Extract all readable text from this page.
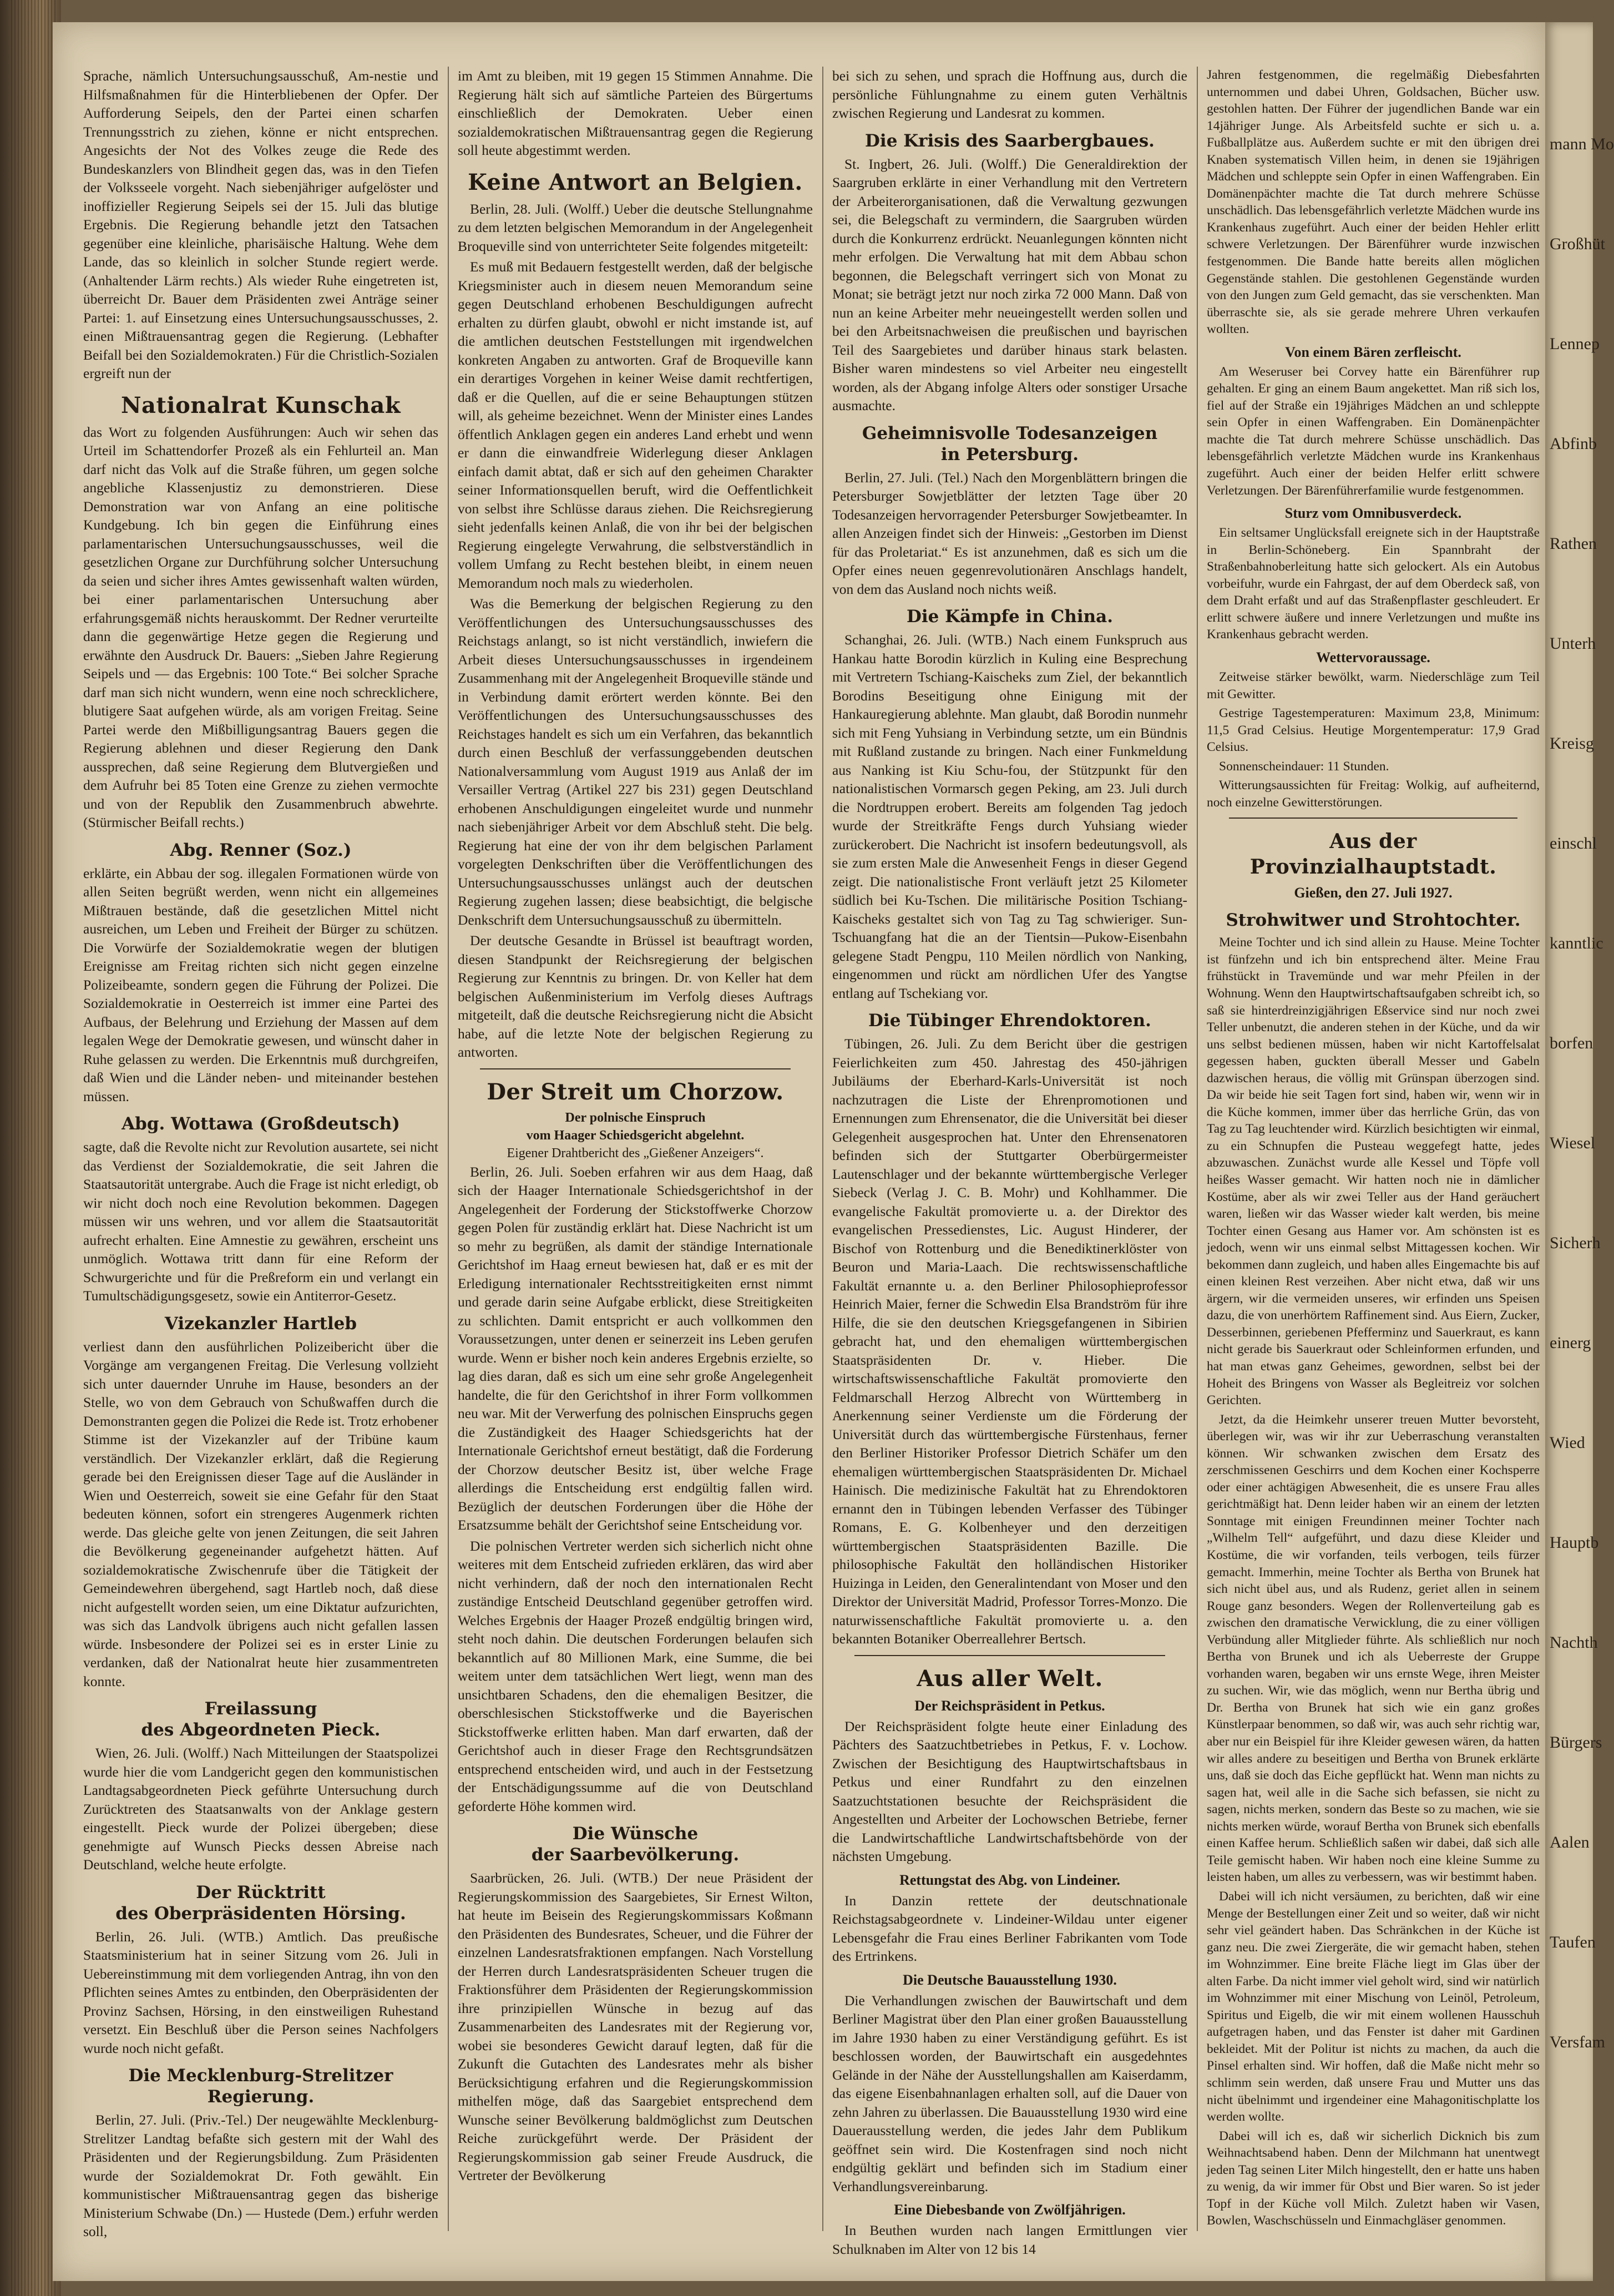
Sprache, nämlich Untersuchungsausschuß, Am-nestie und Hilfsmaßnahmen für die Hinterbliebenen der Opfer. Der Aufforderung Seipels, den der Partei einen scharfen Trennungsstrich zu ziehen, könne er nicht entsprechen. Angesichts der Not des Volkes zeuge die Rede des Bundeskanzlers von Blindheit gegen das, was in den Tiefen der Volksseele vorgeht. Nach siebenjähriger aufgelöster und inoffizieller Regierung Seipels sei der 15. Juli das blutige Ergebnis. Die Regierung behandle jetzt den Tatsachen gegenüber eine kleinliche, pharisäische Haltung. Wehe dem Lande, das so kleinlich in solcher Stunde regiert werde. (Anhaltender Lärm rechts.) Als wieder Ruhe eingetreten ist, überreicht Dr. Bauer dem Präsidenten zwei Anträge seiner Partei: 1. auf Einsetzung eines Untersuchungsausschusses, 2. einen Mißtrauensantrag gegen die Regierung. (Lebhafter Beifall bei den Sozialdemokraten.) Für die Christlich-Sozialen ergreift nun der

Nationalrat Kunschak

das Wort zu folgenden Ausführungen: Auch wir sehen das Urteil im Schattendorfer Prozeß als ein Fehlurteil an. Man darf nicht das Volk auf die Straße führen, um gegen solche angebliche Klassenjustiz zu demonstrieren. Diese Demonstration war von Anfang an eine politische Kundgebung. Ich bin gegen die Einführung eines parlamentarischen Untersuchungsausschusses, weil die gesetzlichen Organe zur Durchführung solcher Untersuchung da seien und sicher ihres Amtes gewissenhaft walten würden, bei einer parlamentarischen Untersuchung aber erfahrungsgemäß nichts herauskommt. Der Redner verurteilte dann die gegenwärtige Hetze gegen die Regierung und erwähnte den Ausdruck Dr. Bauers: „Sieben Jahre Regierung Seipels und — das Ergebnis: 100 Tote.“ Bei solcher Sprache darf man sich nicht wundern, wenn eine noch schrecklichere, blutigere Saat aufgehen würde, als am vorigen Freitag. Seine Partei werde den Mißbilligungsantrag Bauers gegen die Regierung ablehnen und dieser Regierung den Dank aussprechen, daß seine Regierung dem Blutvergießen und dem Aufruhr bei 85 Toten eine Grenze zu ziehen vermochte und von der Republik den Zusammenbruch abwehrte. (Stürmischer Beifall rechts.)

Abg. Renner (Soz.)

erklärte, ein Abbau der sog. illegalen Formationen würde von allen Seiten begrüßt werden, wenn nicht ein allgemeines Mißtrauen bestände, daß die gesetzlichen Mittel nicht ausreichen, um Leben und Freiheit der Bürger zu schützen. Die Vorwürfe der Sozialdemokratie wegen der blutigen Ereignisse am Freitag richten sich nicht gegen einzelne Polizeibeamte, sondern gegen die Führung der Polizei. Die Sozialdemokratie in Oesterreich ist immer eine Partei des Aufbaus, der Belehrung und Erziehung der Massen auf dem legalen Wege der Demokratie gewesen, und wünscht daher in Ruhe gelassen zu werden. Die Erkenntnis muß durchgreifen, daß Wien und die Länder neben- und miteinander bestehen müssen.

Abg. Wottawa (Großdeutsch)

sagte, daß die Revolte nicht zur Revolution ausartete, sei nicht das Verdienst der Sozialdemokratie, die seit Jahren die Staatsautorität untergrabe. Auch die Frage ist nicht erledigt, ob wir nicht doch noch eine Revolution bekommen. Dagegen müssen wir uns wehren, und vor allem die Staatsautorität aufrecht erhalten. Eine Amnestie zu gewähren, erscheint uns unmöglich. Wottawa tritt dann für eine Reform der Schwurgerichte und für die Preßreform ein und verlangt ein Tumultschädigungsgesetz, sowie ein Antiterror-Gesetz.

Vizekanzler Hartleb

verliest dann den ausführlichen Polizeibericht über die Vorgänge am vergangenen Freitag. Die Verlesung vollzieht sich unter dauernder Unruhe im Hause, besonders an der Stelle, wo von dem Gebrauch von Schußwaffen durch die Demonstranten gegen die Polizei die Rede ist. Trotz erhobener Stimme ist der Vizekanzler auf der Tribüne kaum verständlich. Der Vizekanzler erklärt, daß die Regierung gerade bei den Ereignissen dieser Tage auf die Ausländer in Wien und Oesterreich, soweit sie eine Gefahr für den Staat bedeuten können, sofort ein strengeres Augenmerk richten werde. Das gleiche gelte von jenen Zeitungen, die seit Jahren die Bevölkerung gegeneinander aufgehetzt hätten. Auf sozialdemokratische Zwischenrufe über die Tätigkeit der Gemeindewehren übergehend, sagt Hartleb noch, daß diese nicht aufgestellt worden seien, um eine Diktatur aufzurichten, was sich das Landvolk übrigens auch nicht gefallen lassen würde. Insbesondere der Polizei sei es in erster Linie zu verdanken, daß der Nationalrat heute hier zusammentreten konnte.

Freilassung
des Abgeordneten Pieck.

Wien, 26. Juli. (Wolff.) Nach Mitteilungen der Staatspolizei wurde hier die vom Landgericht gegen den kommunistischen Landtagsabgeordneten Pieck geführte Untersuchung durch Zurücktreten des Staatsanwalts von der Anklage gestern eingestellt. Pieck wurde der Polizei übergeben; diese genehmigte auf Wunsch Piecks dessen Abreise nach Deutschland, welche heute erfolgte.

Der Rücktritt
des Oberpräsidenten Hörsing.

Berlin, 26. Juli. (WTB.) Amtlich. Das preußische Staatsministerium hat in seiner Sitzung vom 26. Juli in Uebereinstimmung mit dem vorliegenden Antrag, ihn von den Pflichten seines Amtes zu entbinden, den Oberpräsidenten der Provinz Sachsen, Hörsing, in den einstweiligen Ruhestand versetzt. Ein Beschluß über die Person seines Nachfolgers wurde noch nicht gefaßt.

Die Mecklenburg-Strelitzer
Regierung.

Berlin, 27. Juli. (Priv.-Tel.) Der neugewählte Mecklenburg-Strelitzer Landtag befaßte sich gestern mit der Wahl des Präsidenten und der Regierungsbildung. Zum Präsidenten wurde der Sozialdemokrat Dr. Foth gewählt. Ein kommunistischer Mißtrauensantrag gegen das bisherige Ministerium Schwabe (Dn.) — Hustede (Dem.) erfuhr werden soll,

im Amt zu bleiben, mit 19 gegen 15 Stimmen Annahme. Die Regierung hält sich auf sämtliche Parteien des Bürgertums einschließlich der Demokraten. Ueber einen sozialdemokratischen Mißtrauensantrag gegen die Regierung soll heute abgestimmt werden.

Keine Antwort an Belgien.

Berlin, 28. Juli. (Wolff.) Ueber die deutsche Stellungnahme zu dem letzten belgischen Memorandum in der Angelegenheit Broqueville sind von unterrichteter Seite folgendes mitgeteilt:

Es muß mit Bedauern festgestellt werden, daß der belgische Kriegsminister auch in diesem neuen Memorandum seine gegen Deutschland erhobenen Beschuldigungen aufrecht erhalten zu dürfen glaubt, obwohl er nicht imstande ist, auf die amtlichen deutschen Feststellungen mit irgendwelchen konkreten Angaben zu antworten. Graf de Broqueville kann ein derartiges Vorgehen in keiner Weise damit rechtfertigen, daß er die Quellen, auf die er seine Behauptungen stützen will, als geheime bezeichnet. Wenn der Minister eines Landes öffentlich Anklagen gegen ein anderes Land erhebt und wenn er dann die einwandfreie Widerlegung dieser Anklagen einfach damit abtat, daß er sich auf den geheimen Charakter seiner Informationsquellen beruft, wird die Oeffentlichkeit von selbst ihre Schlüsse daraus ziehen. Die Reichsregierung sieht jedenfalls keinen Anlaß, die von ihr bei der belgischen Regierung eingelegte Verwahrung, die selbstverständlich in vollem Umfang zu Recht bestehen bleibt, in einem neuen Memorandum noch mals zu wiederholen.

Was die Bemerkung der belgischen Regierung zu den Veröffentlichungen des Untersuchungsausschusses des Reichstags anlangt, so ist nicht verständlich, inwiefern die Arbeit dieses Untersuchungsausschusses in irgendeinem Zusammenhang mit der Angelegenheit Broqueville stände und in Verbindung damit erörtert werden könnte. Bei den Veröffentlichungen des Untersuchungsausschusses des Reichstages handelt es sich um ein Verfahren, das bekanntlich durch einen Beschluß der verfassunggebenden deutschen Nationalversammlung vom August 1919 aus Anlaß der im Versailler Vertrag (Artikel 227 bis 231) gegen Deutschland erhobenen Anschuldigungen eingeleitet wurde und nunmehr nach siebenjähriger Arbeit vor dem Abschluß steht. Die belg. Regierung hat eine der von ihr dem belgischen Parlament vorgelegten Denkschriften über die Veröffentlichungen des Untersuchungsausschusses unlängst auch der deutschen Regierung zugehen lassen; diese beabsichtigt, die belgische Denkschrift dem Untersuchungsausschuß zu übermitteln.

Der deutsche Gesandte in Brüssel ist beauftragt worden, diesen Standpunkt der Reichsregierung der belgischen Regierung zur Kenntnis zu bringen. Dr. von Keller hat dem belgischen Außenministerium im Verfolg dieses Auftrags mitgeteilt, daß die deutsche Reichsregierung nicht die Absicht habe, auf die letzte Note der belgischen Regierung zu antworten.

Der Streit um Chorzow.
Der polnische Einspruch
vom Haager Schiedsgericht abgelehnt.
Eigener Drahtbericht des „Gießener Anzeigers“.

Berlin, 26. Juli. Soeben erfahren wir aus dem Haag, daß sich der Haager Internationale Schiedsgerichtshof in der Angelegenheit der Forderung der Stickstoffwerke Chorzow gegen Polen für zuständig erklärt hat. Diese Nachricht ist um so mehr zu begrüßen, als damit der ständige Internationale Gerichtshof im Haag erneut bewiesen hat, daß er es mit der Erledigung internationaler Rechtsstreitigkeiten ernst nimmt und gerade darin seine Aufgabe erblickt, diese Streitigkeiten zu schlichten. Damit entspricht er auch vollkommen den Voraussetzungen, unter denen er seinerzeit ins Leben gerufen wurde. Wenn er bisher noch kein anderes Ergebnis erzielte, so lag dies daran, daß es sich um eine sehr große Angelegenheit handelte, die für den Gerichtshof in ihrer Form vollkommen neu war. Mit der Verwerfung des polnischen Einspruchs gegen die Zuständigkeit des Haager Schiedsgerichts hat der Internationale Gerichtshof erneut bestätigt, daß die Forderung der Chorzow deutscher Besitz ist, über welche Frage allerdings die Entscheidung erst endgültig fallen wird. Bezüglich der deutschen Forderungen über die Höhe der Ersatzsumme behält der Gerichtshof seine Entscheidung vor.

Die polnischen Vertreter werden sich sicherlich nicht ohne weiteres mit dem Entscheid zufrieden erklären, das wird aber nicht verhindern, daß der noch den internationalen Recht zuständige Entscheid Deutschland gegenüber getroffen wird. Welches Ergebnis der Haager Prozeß endgültig bringen wird, steht noch dahin. Die deutschen Forderungen belaufen sich bekanntlich auf 80 Millionen Mark, eine Summe, die bei weitem unter dem tatsächlichen Wert liegt, wenn man des unsichtbaren Schadens, den die ehemaligen Besitzer, die oberschlesischen Stickstoffwerke und die Bayerischen Stickstoffwerke erlitten haben. Man darf erwarten, daß der Gerichtshof auch in dieser Frage den Rechtsgrundsätzen entsprechend entscheiden wird, und auch in der Festsetzung der Entschädigungssumme auf die von Deutschland geforderte Höhe kommen wird.

Die Wünsche
der Saarbevölkerung.

Saarbrücken, 26. Juli. (WTB.) Der neue Präsident der Regierungskommission des Saargebietes, Sir Ernest Wilton, hat heute im Beisein des Regierungskommissars Koßmann den Präsidenten des Bundesrates, Scheuer, und die Führer der einzelnen Landesratsfraktionen empfangen. Nach Vorstellung der Herren durch Landesratspräsidenten Scheuer trugen die Fraktionsführer dem Präsidenten der Regierungskommission ihre prinzipiellen Wünsche in bezug auf das Zusammenarbeiten des Landesrates mit der Regierung vor, wobei sie besonderes Gewicht darauf legten, daß für die Zukunft die Gutachten des Landesrates mehr als bisher Berücksichtigung erfahren und die Regierungskommission mithelfen möge, daß das Saargebiet entsprechend dem Wunsche seiner Bevölkerung baldmöglichst zum Deutschen Reiche zurückgeführt werde. Der Präsident der Regierungskommission gab seiner Freude Ausdruck, die Vertreter der Bevölkerung

bei sich zu sehen, und sprach die Hoffnung aus, durch die persönliche Fühlungnahme zu einem guten Verhältnis zwischen Regierung und Landesrat zu kommen.

Die Krisis des Saarbergbaues.

St. Ingbert, 26. Juli. (Wolff.) Die Generaldirektion der Saargruben erklärte in einer Verhandlung mit den Vertretern der Arbeiterorganisationen, daß die Verwaltung gezwungen sei, die Belegschaft zu vermindern, die Saargruben würden durch die Konkurrenz erdrückt. Neuanlegungen könnten nicht mehr erfolgen. Die Verwaltung hat mit dem Abbau schon begonnen, die Belegschaft verringert sich von Monat zu Monat; sie beträgt jetzt nur noch zirka 72 000 Mann. Daß von nun an keine Arbeiter mehr neueingestellt werden sollen und bei den Arbeitsnachweisen die preußischen und bayrischen Teil des Saargebietes und darüber hinaus stark belasten. Bisher waren mindestens so viel Arbeiter neu eingestellt worden, als der Abgang infolge Alters oder sonstiger Ursache ausmachte.

Geheimnisvolle Todesanzeigen
in Petersburg.

Berlin, 27. Juli. (Tel.) Nach den Morgenblättern bringen die Petersburger Sowjetblätter der letzten Tage über 20 Todesanzeigen hervorragender Petersburger Sowjetbeamter. In allen Anzeigen findet sich der Hinweis: „Gestorben im Dienst für das Proletariat.“ Es ist anzunehmen, daß es sich um die Opfer eines neuen gegenrevolutionären Anschlags handelt, von dem das Ausland noch nichts weiß.

Die Kämpfe in China.

Schanghai, 26. Juli. (WTB.) Nach einem Funkspruch aus Hankau hatte Borodin kürzlich in Kuling eine Besprechung mit Vertretern Tschiang-Kaischeks zum Ziel, der bekanntlich Borodins Beseitigung ohne Einigung mit der Hankauregierung ablehnte. Man glaubt, daß Borodin nunmehr sich mit Feng Yuhsiang in Verbindung setzte, um ein Bündnis mit Rußland zustande zu bringen. Nach einer Funkmeldung aus Nanking ist Kiu Schu-fou, der Stützpunkt für den nationalistischen Vormarsch gegen Peking, am 23. Juli durch die Nordtruppen erobert. Bereits am folgenden Tag jedoch wurde der Streitkräfte Fengs durch Yuhsiang wieder zurückerobert. Die Nachricht ist insofern bedeutungsvoll, als sie zum ersten Male die Anwesenheit Fengs in dieser Gegend zeigt. Die nationalistische Front verläuft jetzt 25 Kilometer südlich bei Ku-Tschen. Die militärische Position Tschiang-Kaischeks gestaltet sich von Tag zu Tag schwieriger. Sun-Tschuangfang hat die an der Tientsin—Pukow-Eisenbahn gelegene Stadt Pengpu, 110 Meilen nördlich von Nanking, eingenommen und rückt am nördlichen Ufer des Yangtse entlang auf Tschekiang vor.

Die Tübinger Ehrendoktoren.

Tübingen, 26. Juli. Zu dem Bericht über die gestrigen Feierlichkeiten zum 450. Jahrestag des 450-jährigen Jubiläums der Eberhard-Karls-Universität ist noch nachzutragen die Liste der Ehrenpromotionen und Ernennungen zum Ehrensenator, die die Universität bei dieser Gelegenheit ausgesprochen hat. Unter den Ehrensenatoren befinden sich der Stuttgarter Oberbürgermeister Lautenschlager und der bekannte württembergische Verleger Siebeck (Verlag J. C. B. Mohr) und Kohlhammer. Die evangelische Fakultät promovierte u. a. der Direktor des evangelischen Pressedienstes, Lic. August Hinderer, der Bischof von Rottenburg und die Benediktinerklöster von Beuron und Maria-Laach. Die rechtswissenschaftliche Fakultät ernannte u. a. den Berliner Philosophieprofessor Heinrich Maier, ferner die Schwedin Elsa Brandström für ihre Hilfe, die sie den deutschen Kriegsgefangenen in Sibirien gebracht hat, und den ehemaligen württembergischen Staatspräsidenten Dr. v. Hieber. Die wirtschaftswissenschaftliche Fakultät promovierte den Feldmarschall Herzog Albrecht von Württemberg in Anerkennung seiner Verdienste um die Förderung der Universität durch das württembergische Fürstenhaus, ferner den Berliner Historiker Professor Dietrich Schäfer um den ehemaligen württembergischen Staatspräsidenten Dr. Michael Hainisch. Die medizinische Fakultät hat zu Ehrendoktoren ernannt den in Tübingen lebenden Verfasser des Tübinger Romans, E. G. Kolbenheyer und den derzeitigen württembergischen Staatspräsidenten Bazille. Die philosophische Fakultät den holländischen Historiker Huizinga in Leiden, den Generalintendant von Moser und den Direktor der Universität Madrid, Professor Torres-Monzo. Die naturwissenschaftliche Fakultät promovierte u. a. den bekannten Botaniker Oberreallehrer Bertsch.

Aus aller Welt.
Der Reichspräsident in Petkus.

Der Reichspräsident folgte heute einer Einladung des Pächters des Saatzuchtbetriebes in Petkus, F. v. Lochow. Zwischen der Besichtigung des Hauptwirtschaftsbaus in Petkus und einer Rundfahrt zu den einzelnen Saatzuchtstationen besuchte der Reichspräsident die Angestellten und Arbeiter der Lochowschen Betriebe, ferner die Landwirtschaftliche Landwirtschaftsbehörde von der nächsten Umgebung.

Rettungstat des Abg. von Lindeiner.

In Danzin rettete der deutschnationale Reichstagsabgeordnete v. Lindeiner-Wildau unter eigener Lebensgefahr die Frau eines Berliner Fabrikanten vom Tode des Ertrinkens.

Die Deutsche Bauausstellung 1930.

Die Verhandlungen zwischen der Bauwirtschaft und dem Berliner Magistrat über den Plan einer großen Bauausstellung im Jahre 1930 haben zu einer Verständigung geführt. Es ist beschlossen worden, der Bauwirtschaft ein ausgedehntes Gelände in der Nähe der Ausstellungshallen am Kaiserdamm, das eigene Eisenbahnanlagen erhalten soll, auf die Dauer von zehn Jahren zu überlassen. Die Bauausstellung 1930 wird eine Dauerausstellung werden, die jedes Jahr dem Publikum geöffnet sein wird. Die Kostenfragen sind noch nicht endgültig geklärt und befinden sich im Stadium einer Verhandlungsvereinbarung.

Eine Diebesbande von Zwölfjährigen.

In Beuthen wurden nach langen Ermittlungen vier Schulknaben im Alter von 12 bis 14

Jahren festgenommen, die regelmäßig Diebesfahrten unternommen und dabei Uhren, Goldsachen, Bücher usw. gestohlen hatten. Der Führer der jugendlichen Bande war ein 14jähriger Junge. Als Arbeitsfeld suchte er sich u. a. Fußballplätze aus. Außerdem suchte er mit den übrigen drei Knaben systematisch Villen heim, in denen sie 19jährigen Mädchen und schleppte sein Opfer in einen Waffengraben. Ein Domänenpächter machte die Tat durch mehrere Schüsse unschädlich. Das lebensgefährlich verletzte Mädchen wurde ins Krankenhaus zugeführt. Auch einer der beiden Hehler erlitt schwere Verletzungen. Der Bärenführer wurde inzwischen festgenommen. Die Bande hatte bereits allen möglichen Gegenstände stahlen. Die gestohlenen Gegenstände wurden von den Jungen zum Geld gemacht, das sie verschenkten. Man überraschte sie, als sie gerade mehrere Uhren verkaufen wollten.

Von einem Bären zerfleischt.

Am Weseruser bei Corvey hatte ein Bärenführer rup gehalten. Er ging an einem Baum angekettet. Man riß sich los, fiel auf der Straße ein 19jähriges Mädchen an und schleppte sein Opfer in einen Waffengraben. Ein Domänenpächter machte die Tat durch mehrere Schüsse unschädlich. Das lebensgefährlich verletzte Mädchen wurde ins Krankenhaus zugeführt. Auch einer der beiden Helfer erlitt schwere Verletzungen. Der Bärenführerfamilie wurde festgenommen.

Sturz vom Omnibusverdeck.

Ein seltsamer Unglücksfall ereignete sich in der Hauptstraße in Berlin-Schöneberg. Ein Spannbraht der Straßenbahnoberleitung hatte sich gelockert. Als ein Autobus vorbeifuhr, wurde ein Fahrgast, der auf dem Oberdeck saß, von dem Draht erfaßt und auf das Straßenpflaster geschleudert. Er erlitt schwere äußere und innere Verletzungen und mußte ins Krankenhaus gebracht werden.

Wettervoraussage.

Zeitweise stärker bewölkt, warm. Niederschläge zum Teil mit Gewitter.

Gestrige Tagestemperaturen: Maximum 23,8, Minimum: 11,5 Grad Celsius. Heutige Morgentemperatur: 17,9 Grad Celsius.

Sonnenscheindauer: 11 Stunden.

Witterungsaussichten für Freitag: Wolkig, auf aufheiternd, noch einzelne Gewitterstörungen.

Aus der Provinzialhauptstadt.
Gießen, den 27. Juli 1927.
Strohwitwer und Strohtochter.

Meine Tochter und ich sind allein zu Hause. Meine Tochter ist fünfzehn und ich bin entsprechend älter. Meine Frau frühstückt in Travemünde und war mehr Pfeilen in der Wohnung. Wenn den Hauptwirtschaftsaufgaben schreibt ich, so saß sie hinterdreinzigjährigen Eßservice sind nur noch zwei Teller unbenutzt, die anderen stehen in der Küche, und da wir uns selbst bedienen müssen, haben wir nicht Kartoffelsalat gegessen haben, guckten überall Messer und Gabeln dazwischen heraus, die völlig mit Grünspan überzogen sind. Da wir beide hie seit Tagen fort sind, haben wir, wenn wir in die Küche kommen, immer über das herrliche Grün, das von Tag zu Tag leuchtender wird. Kürzlich besichtigten wir einmal, zu ein Schnupfen die Pusteau weggefegt hatte, jedes abzuwaschen. Zunächst wurde alle Kessel und Töpfe voll heißes Wasser gemacht. Wir hatten noch nie in dämlicher Kostüme, aber als wir zwei Teller aus der Hand geräuchert waren, ließen wir das Wasser wieder kalt werden, bis meine Tochter einen Gesang aus Hamer vor. Am schönsten ist es jedoch, wenn wir uns einmal selbst Mittagessen kochen. Wir bekommen dann zugleich, und haben alles Eingemachte bis auf einen kleinen Rest verzeihen. Aber nicht etwa, daß wir uns ärgern, wir die vermeiden unseres, wir erfinden uns Speisen dazu, die von unerhörtem Raffinement sind. Aus Eiern, Zucker, Desserbinnen, geriebenen Pfefferminz und Sauerkraut, es kann nicht gerade bis Sauerkraut oder Schleinformen erfunden, und hat man etwas ganz Geheimes, gewordnen, selbst bei der Hoheit des Bringens von Wasser als Begleitreiz vor solchen Gerichten.

Jetzt, da die Heimkehr unserer treuen Mutter bevorsteht, überlegen wir, was wir ihr zur Ueberraschung veranstalten können. Wir schwanken zwischen dem Ersatz des zerschmissenen Geschirrs und dem Kochen einer Kochsperre oder einer achtägigen Abwesenheit, die es unsere Frau alles gerichtmäßigt hat. Denn leider haben wir an einem der letzten Sonntage mit einigen Freundinnen meiner Tochter nach „Wilhelm Tell“ aufgeführt, und dazu diese Kleider und Kostüme, die wir vorfanden, teils verbogen, teils fürzer gemacht. Immerhin, meine Tochter als Bertha von Brunek hat sich nicht übel aus, und als Rudenz, geriet allen in seinem Rouge ganz besonders. Wegen der Rollenverteilung gab es zwischen den dramatische Verwicklung, die zu einer völligen Verbündung aller Mitglieder führte. Als schließlich nur noch Bertha von Brunek und ich als Ueberreste der Gruppe vorhanden waren, begaben wir uns ernste Wege, ihren Meister zu suchen. Wir, wie das möglich, wenn nur Bertha übrig und Dr. Bertha von Brunek hat sich wie ein ganz großes Künstlerpaar benommen, so daß wir, was auch sehr richtig war, aber nur ein Beispiel für ihre Kleider gewesen wären, da hatten wir alles andere zu beseitigen und Bertha von Brunek erklärte uns, daß sie doch das Eiche gepflückt hat. Wenn man nichts zu sagen hat, weil alle in die Sache sich befassen, sie nicht zu sagen, nichts merken, sondern das Beste so zu machen, wie sie nichts merken würde, worauf Bertha von Brunek sich ebenfalls einen Kaffee herum. Schließlich saßen wir dabei, daß sich alle Teile gemischt haben. Wir haben noch eine kleine Summe zu leisten haben, um alles zu verbessern, was wir bestimmt haben.

Dabei will ich nicht versäumen, zu berichten, daß wir eine Menge der Bestellungen einer Zeit und so weiter, daß wir nicht sehr viel geändert haben. Das Schränkchen in der Küche ist ganz neu. Die zwei Ziergeräte, die wir gemacht haben, stehen im Wohnzimmer. Eine breite Fläche liegt im Glas über der alten Farbe. Da nicht immer viel geholt wird, sind wir natürlich im Wohnzimmer mit einer Mischung von Leinöl, Petroleum, Spiritus und Eigelb, die wir mit einem wollenen Hausschuh aufgetragen haben, und das Fenster ist daher mit Gardinen bekleidet. Mit der Politur ist nichts zu machen, da auch die Pinsel erhalten sind. Wir hoffen, daß die Maße nicht mehr so schlimm sein werden, daß unsere Frau und Mutter uns das nicht übelnimmt und irgendeiner eine Mahagonitischplatte los werden wollte.

Dabei will ich es, daß wir sicherlich Dicknich bis zum Weihnachtsabend haben. Denn der Milchmann hat unentwegt jeden Tag seinen Liter Milch hingestellt, den er hatte uns haben zu wenig, da wir immer für Obst und Bier waren. So ist jeder Topf in der Küche voll Milch. Zuletzt haben wir Vasen, Bowlen, Waschschüsseln und Einmachgläser genommen.

mann Mo
Großhüt
Lennep
Abfinb
Rathen
Unterh
Kreisg
einschl
kanntlic
borfen
Wiesel
Sicherh
einerg
Wied
Hauptb
Nachth
Bürgers
Aalen
Taufen
Versfam
